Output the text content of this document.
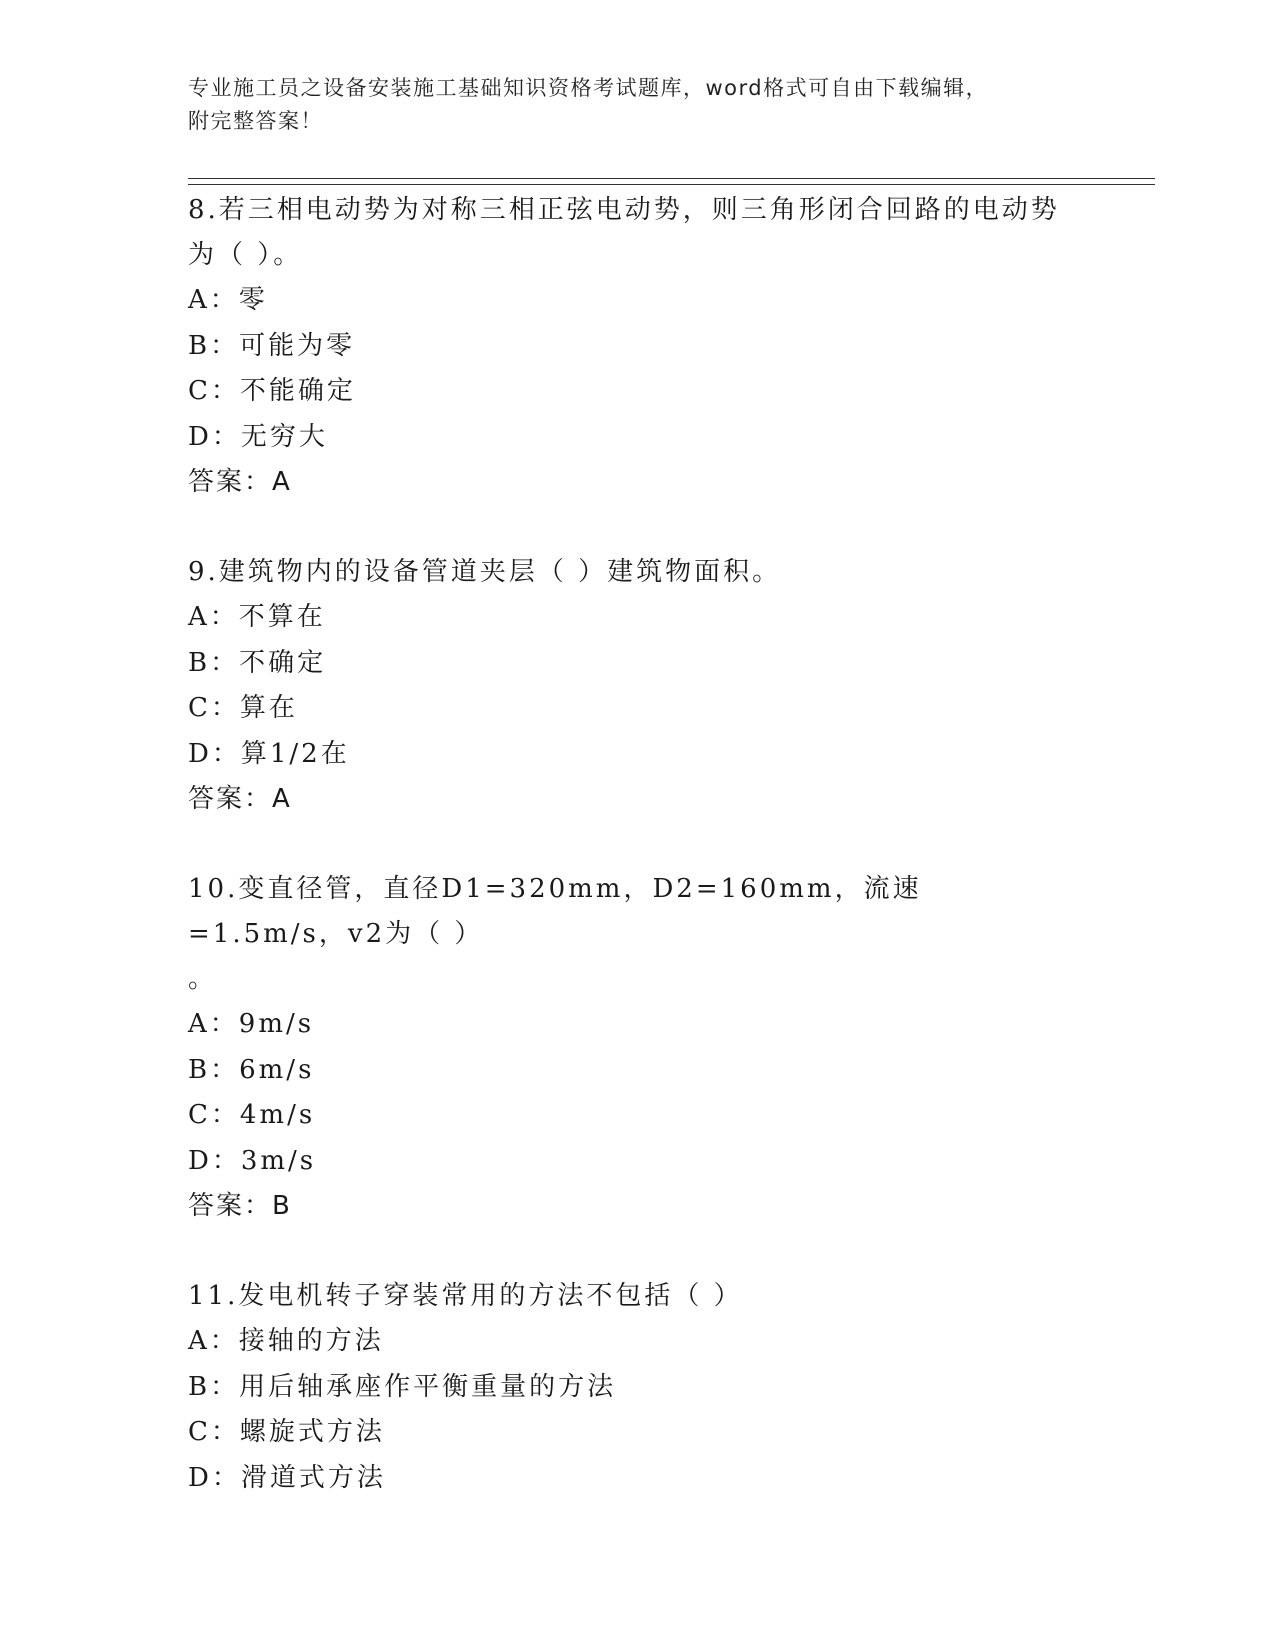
专业施工员之设备安装施工基础知识资格考试题库，word格式可自由下载编辑，
附完整答案！

8.若三相电动势为对称三相正弦电动势，则三角形闭合回路的电动势

为（ ）。

A：零

B：可能为零

C：不能确定

D：无穷大

答案：A

9.建筑物内的设备管道夹层（ ）建筑物面积。

A：不算在

B：不确定

C：算在

D：算1/2在

答案：A

10.变直径管，直径D1=320mm，D2=160mm，流速=1.5m/s，v2为（ ）

。

A：9m/s

B：6m/s

C：4m/s

D：3m/s

答案：B

11.发电机转子穿装常用的方法不包括（ ）

A：接轴的方法

B：用后轴承座作平衡重量的方法

C：螺旋式方法

D：滑道式方法
